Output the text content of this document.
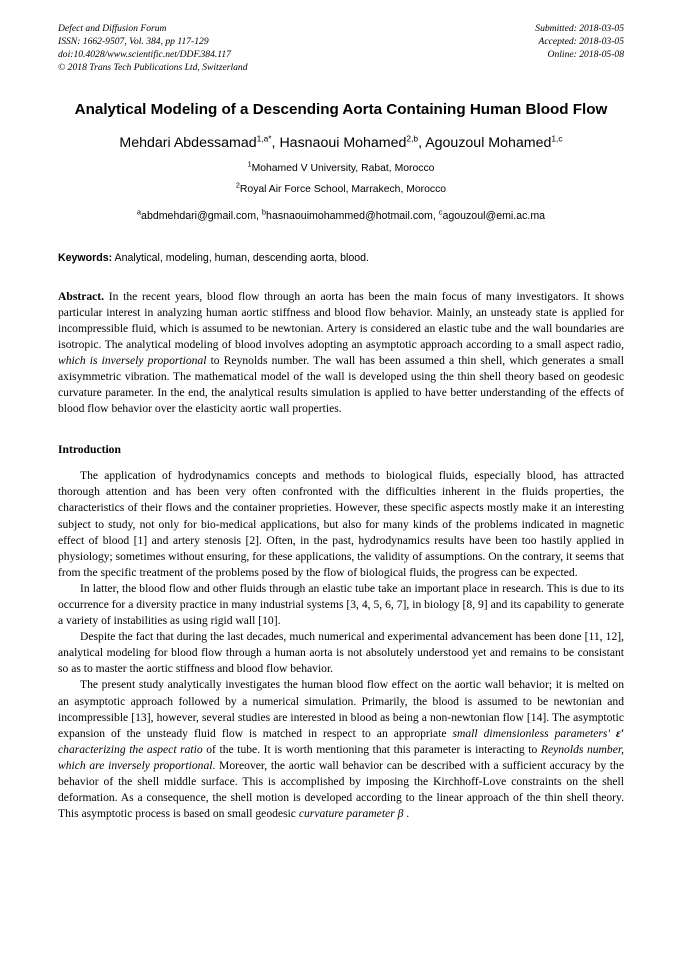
Defect and Diffusion Forum
ISSN: 1662-9507, Vol. 384, pp 117-129
doi:10.4028/www.scientific.net/DDF.384.117
© 2018 Trans Tech Publications Ltd, Switzerland
Submitted: 2018-03-05
Accepted: 2018-03-05
Online: 2018-05-08
Analytical Modeling of a Descending Aorta Containing Human Blood Flow
Mehdari Abdessamad$^{1,a*}$, Hasnaoui Mohamed$^{2,b}$, Agouzoul Mohamed$^{1,c}$
$^1$Mohamed V University, Rabat, Morocco
$^2$Royal Air Force School, Marrakech, Morocco
$^a$abdmehdari@gmail.com, $^b$hasnaouimohammed@hotmail.com, $^c$agouzoul@emi.ac.ma
Keywords: Analytical, modeling, human, descending aorta, blood.
Abstract. In the recent years, blood flow through an aorta has been the main focus of many investigators. It shows particular interest in analyzing human aortic stiffness and blood flow behavior. Mainly, an unsteady state is applied for incompressible fluid, which is assumed to be newtonian. Artery is considered an elastic tube and the wall boundaries are isotropic. The analytical modeling of blood involves adopting an asymptotic approach according to a small aspect radio, which is inversely proportional to Reynolds number. The wall has been assumed a thin shell, which generates a small axisymmetric vibration. The mathematical model of the wall is developed using the thin shell theory based on geodesic curvature parameter. In the end, the analytical results simulation is applied to have better understanding of the effects of blood flow behavior over the elasticity aortic wall properties.
Introduction

The application of hydrodynamics concepts and methods to biological fluids, especially blood, has attracted thorough attention and has been very often confronted with the difficulties inherent in the fluids properties, the characteristics of their flows and the container proprieties. However, these specific aspects mostly make it an interesting subject to study, not only for bio-medical applications, but also for many kinds of the problems indicated in magnetic effect of blood [1] and artery stenosis [2]. Often, in the past, hydrodynamics results have been too hastily applied in physiology; sometimes without ensuring, for these applications, the validity of assumptions. On the contrary, it seems that from the specific treatment of the problems posed by the flow of biological fluids, the progress can be expected.

In latter, the blood flow and other fluids through an elastic tube take an important place in research. This is due to its occurrence for a diversity practice in many industrial systems [3, 4, 5, 6, 7], in biology [8, 9] and its capability to generate a variety of instabilities as using rigid wall [10].

Despite the fact that during the last decades, much numerical and experimental advancement has been done [11, 12], analytical modeling for blood flow through a human aorta is not absolutely understood yet and remains to be consistant so as to master the aortic stiffness and blood flow behavior.

The present study analytically investigates the human blood flow effect on the aortic wall behavior; it is melted on an asymptotic approach followed by a numerical simulation. Primarily, the blood is assumed to be newtonian and incompressible [13], however, several studies are interested in blood as being a non-newtonian flow [14]. The asymptotic expansion of the unsteady fluid flow is matched in respect to an appropriate small dimensionless parameters′ ε′ characterizing the aspect ratio of the tube. It is worth mentioning that this parameter is interacting to Reynolds number, which are inversely proportional. Moreover, the aortic wall behavior can be described with a sufficient accuracy by the behavior of the shell middle surface. This is accomplished by imposing the Kirchhoff-Love constraints on the shell deformation. As a consequence, the shell motion is developed according to the linear approach of the thin shell theory. This asymptotic process is based on small geodesic curvature parameter β .
